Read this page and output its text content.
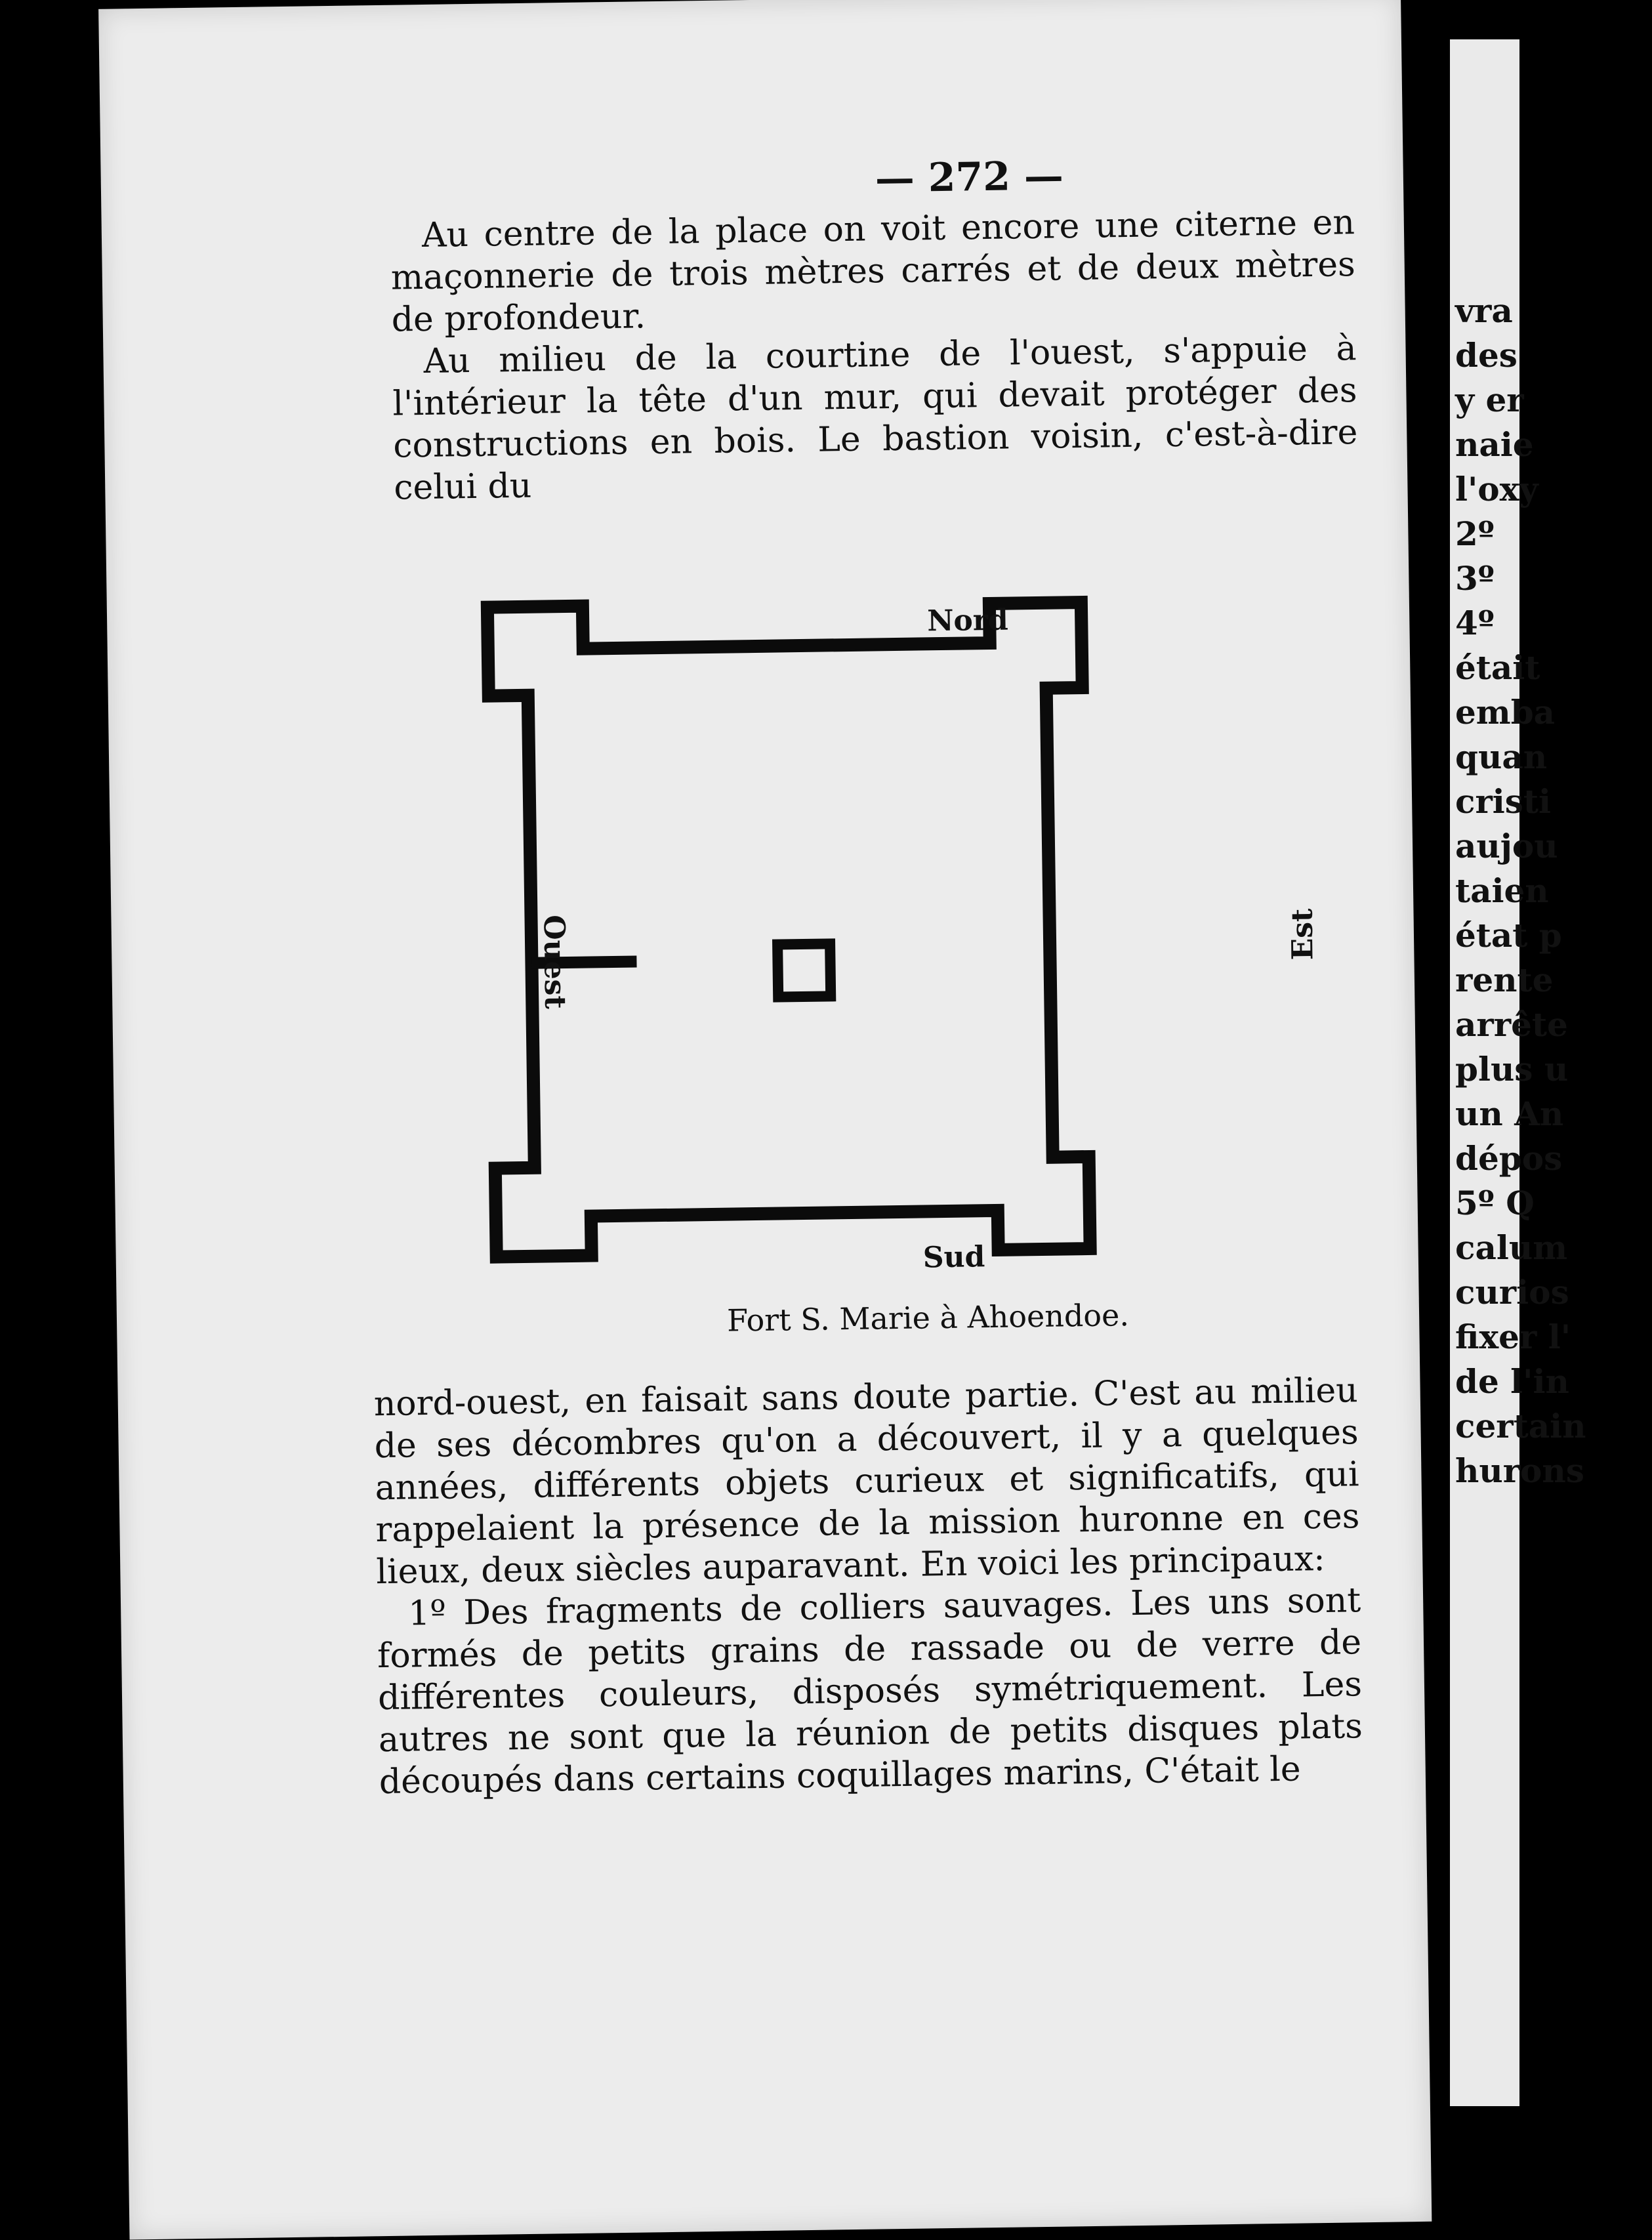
— 272 —

Au centre de la place on voit encore une citerne en maçonnerie de trois mètres carrés et de deux mètres de profondeur.

Au milieu de la courtine de l'ouest, s'appuie à l'intérieur la tête d'un mur, qui devait protéger des constructions en bois. Le bastion voisin, c'est-à-dire celui du

Nord
Sud
Ouest	Est
Fort S. Marie à Ahoendoe.

nord-ouest, en faisait sans doute partie. C'est au milieu de ses décombres qu'on a découvert, il y a quelques années, différents objets curieux et significatifs, qui rappelaient la présence de la mission huronne en ces lieux, deux siècles auparavant. En voici les principaux:

1º Des fragments de colliers sauvages. Les uns sont formés de petits grains de rassade ou de verre de différentes couleurs, disposés symétriquement. Les autres ne sont que la réunion de petits disques plats découpés dans certains coquillages marins, C'était le

vra
des
y er
naie
l'oxy
2º
3º
4º
était
emba
quan
cristi
aujou
taien
état p
rente
arrête
plus u
un An
dépos
5º Q
calum
curios
fixer l'
de l'in
certain
hurons
